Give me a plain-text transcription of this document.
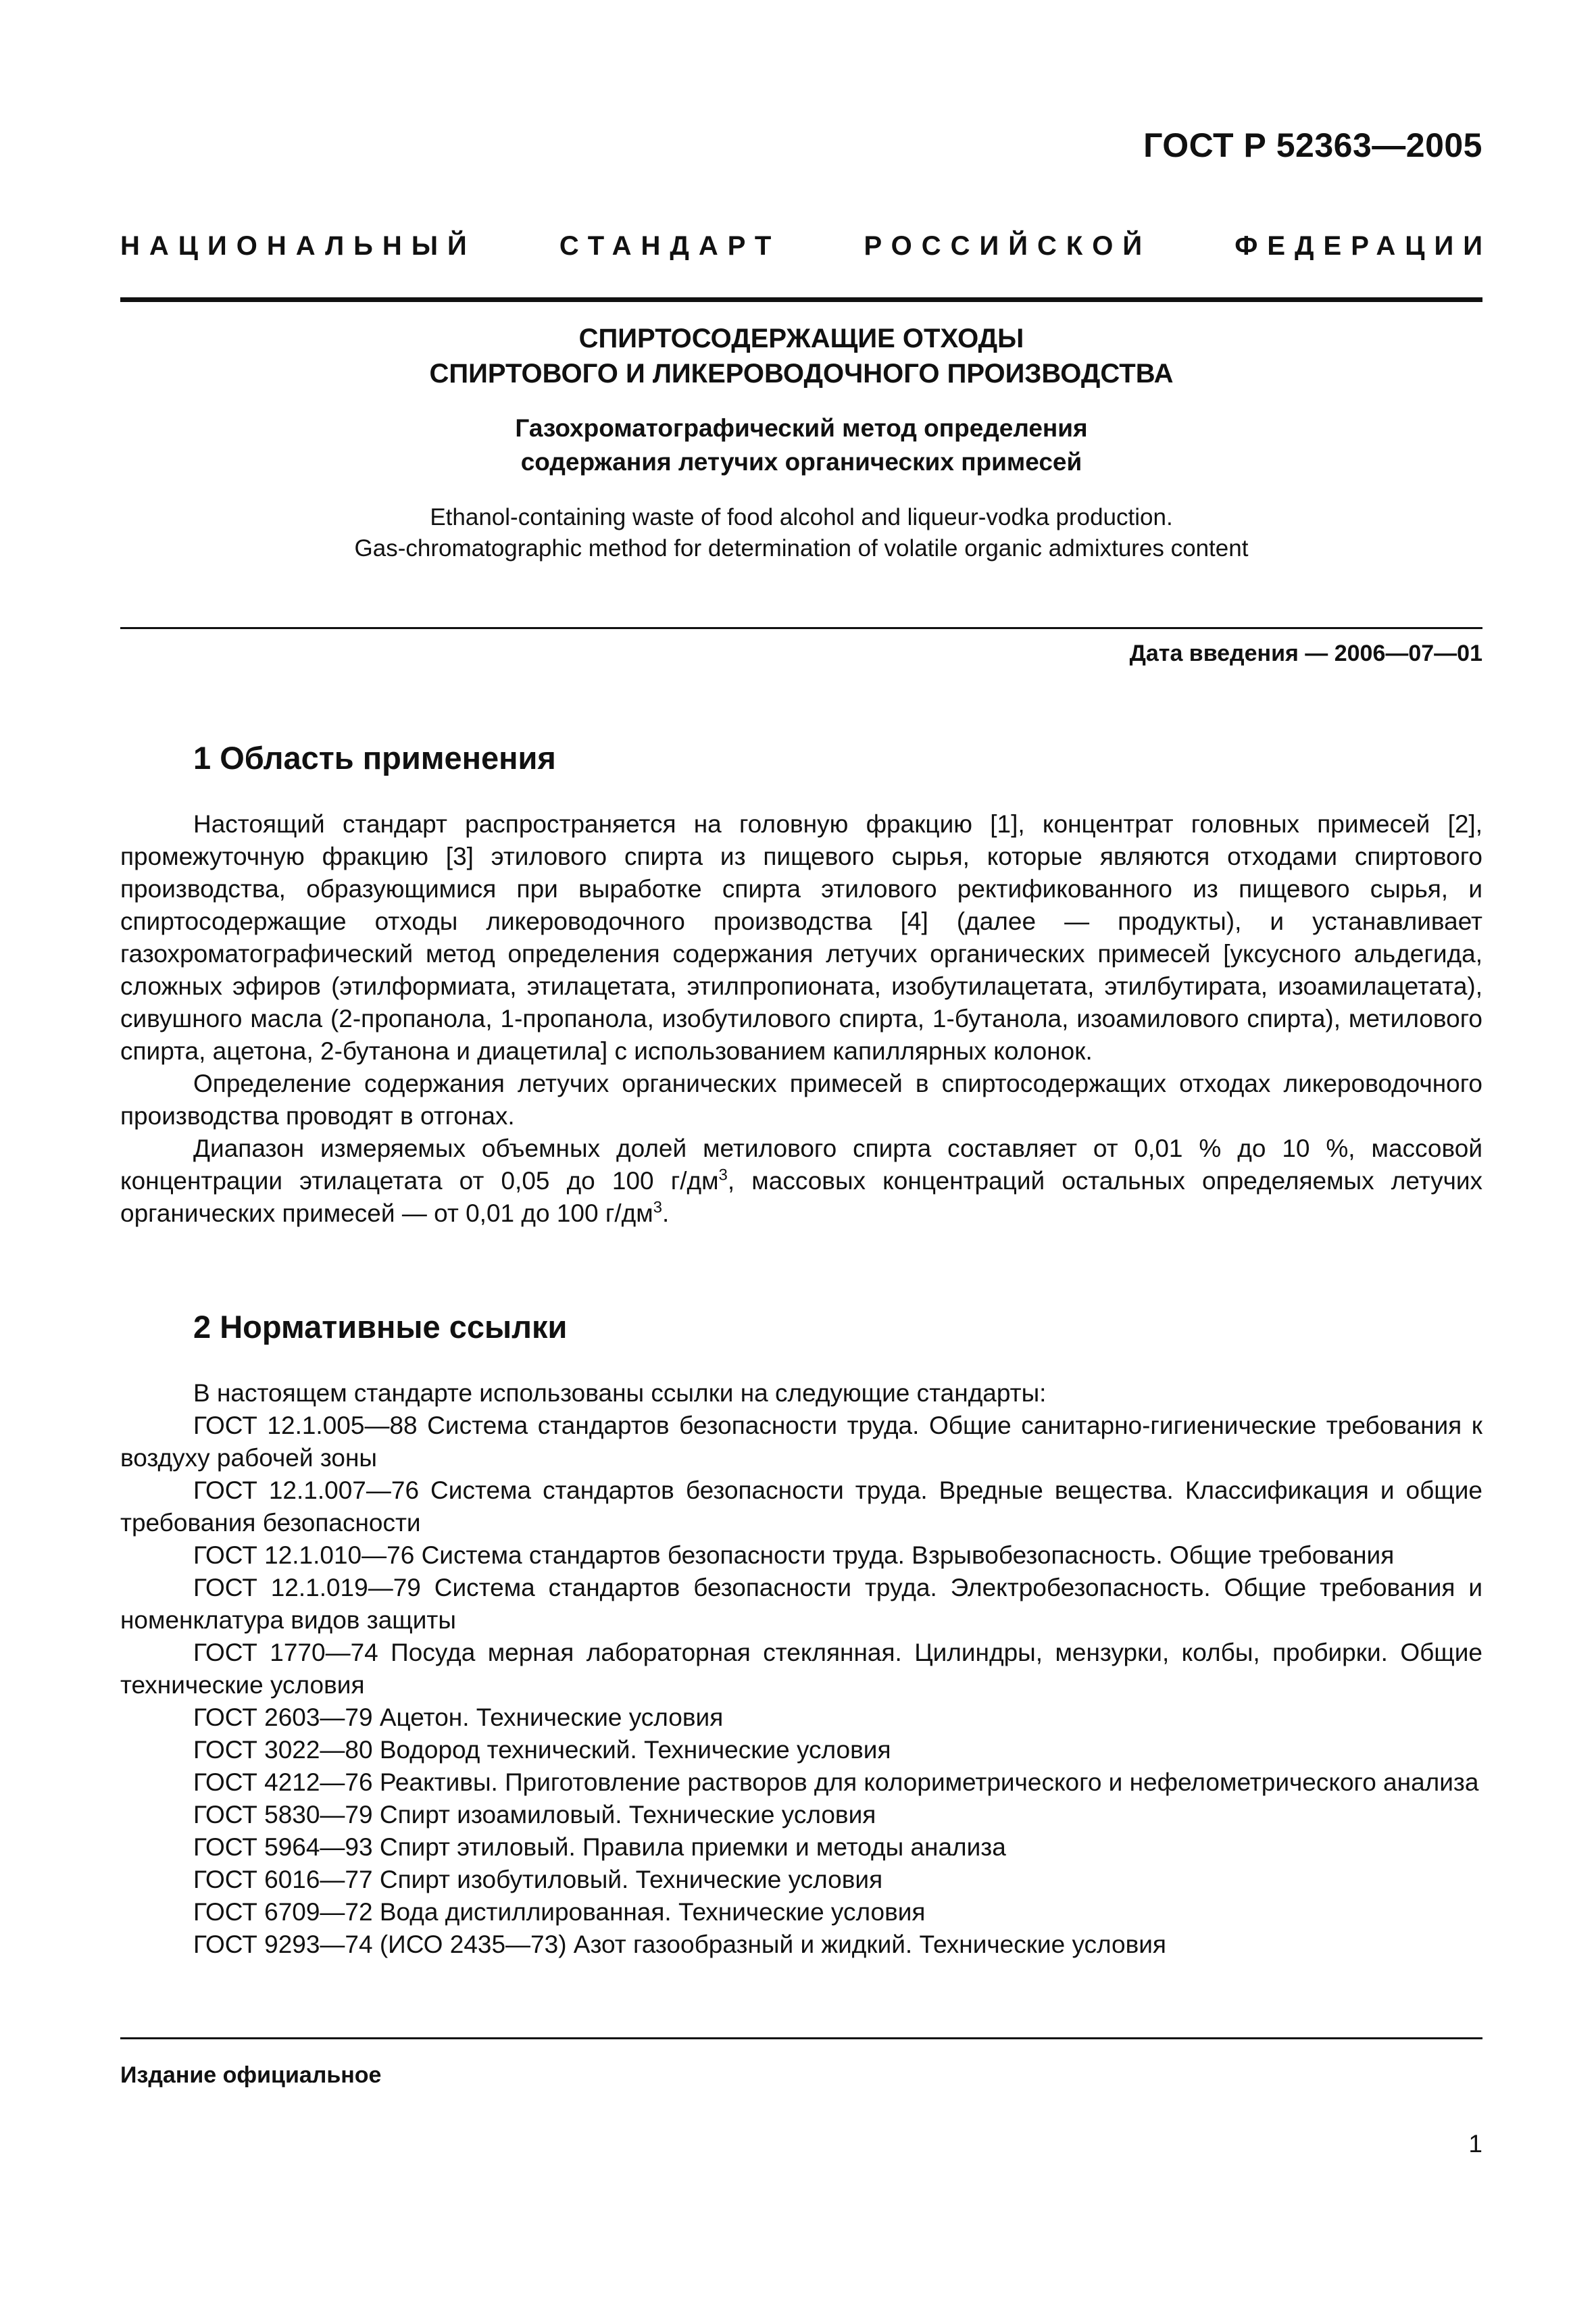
ГОСТ Р 52363—2005
НАЦИОНАЛЬНЫЙ	СТАНДАРТ	РОССИЙСКОЙ	ФЕДЕРАЦИИ
СПИРТОСОДЕРЖАЩИЕ ОТХОДЫ
СПИРТОВОГО И ЛИКЕРОВОДОЧНОГО ПРОИЗВОДСТВА
Газохроматографический метод определения
содержания летучих органических примесей
Ethanol-containing waste of food alcohol and liqueur-vodka production.
Gas-chromatographic method for determination of volatile organic admixtures content
Дата введения — 2006—07—01
1 Область применения

Настоящий стандарт распространяется на головную фракцию [1], концентрат головных примесей [2], промежуточную фракцию [3] этилового спирта из пищевого сырья, которые являются отходами спиртового производства, образующимися при выработке спирта этилового ректификованного из пищевого сырья, и спиртосодержащие отходы ликероводочного производства [4] (далее — продукты), и устанавливает газохроматографический метод определения содержания летучих органических примесей [уксусного альдегида, сложных эфиров (этилформиата, этилацетата, этилпропионата, изобутилацетата, этилбутирата, изоамилацетата), сивушного масла (2-пропанола, 1-пропанола, изобутилового спирта, 1-бутанола, изоамилового спирта), метилового спирта, ацетона, 2-бутанона и диацетила] с использованием капиллярных колонок.

Определение содержания летучих органических примесей в спиртосодержащих отходах ликероводочного производства проводят в отгонах.

Диапазон измеряемых объемных долей метилового спирта составляет от 0,01 % до 10 %, массовой концентрации этилацетата от 0,05 до 100 $г/дм^3$, массовых концентраций остальных определяемых летучих органических примесей — от 0,01 до 100 $г/дм^3$.

2 Нормативные ссылки

В настоящем стандарте использованы ссылки на следующие стандарты:

ГОСТ 12.1.005—88 Система стандартов безопасности труда. Общие санитарно-гигиенические требования к воздуху рабочей зоны

ГОСТ 12.1.007—76 Система стандартов безопасности труда. Вредные вещества. Классификация и общие требования безопасности

ГОСТ 12.1.010—76 Система стандартов безопасности труда. Взрывобезопасность. Общие требования

ГОСТ 12.1.019—79 Система стандартов безопасности труда. Электробезопасность. Общие требования и номенклатура видов защиты

ГОСТ 1770—74 Посуда мерная лабораторная стеклянная. Цилиндры, мензурки, колбы, пробирки. Общие технические условия

ГОСТ 2603—79 Ацетон. Технические условия

ГОСТ 3022—80 Водород технический. Технические условия

ГОСТ 4212—76 Реактивы. Приготовление растворов для колориметрического и нефелометрического анализа

ГОСТ 5830—79 Спирт изоамиловый. Технические условия

ГОСТ 5964—93 Спирт этиловый. Правила приемки и методы анализа

ГОСТ 6016—77 Спирт изобутиловый. Технические условия

ГОСТ 6709—72 Вода дистиллированная. Технические условия

ГОСТ 9293—74 (ИСО 2435—73) Азот газообразный и жидкий. Технические условия

Издание официальное
1
